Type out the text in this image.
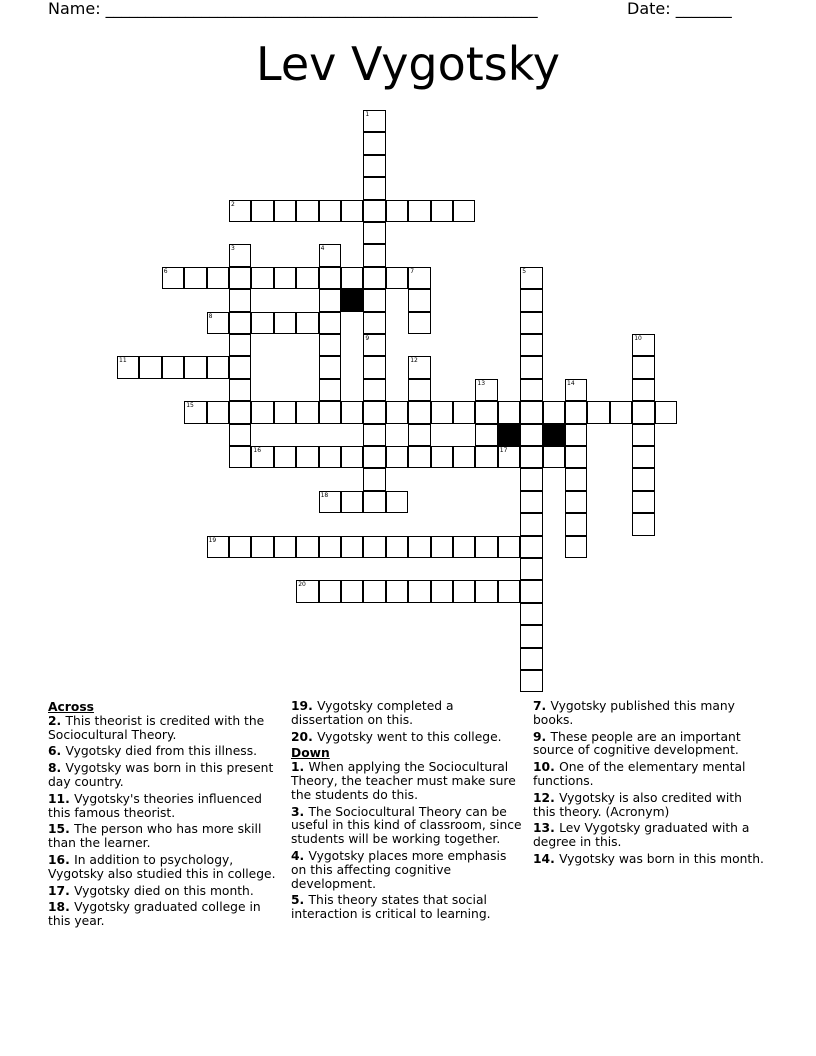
Name: ______________________________________________________	Date: _______
Lev Vygotsky
2
6
8
11
15
16	17
18
19
20
1
3	4
5
7
9	10
12
13	14
Across
2. This theorist is credited with the Sociocultural Theory.
6. Vygotsky died from this illness.
8. Vygotsky was born in this present day country.
11. Vygotsky's theories influenced this famous theorist.
15. The person who has more skill than the learner.
16. In addition to psychology, Vygotsky also studied this in college.
17. Vygotsky died on this month.
18. Vygotsky graduated college in this year.
19. Vygotsky completed a dissertation on this.
20. Vygotsky went to this college.
Down
1. When applying the Sociocultural Theory, the teacher must make sure the students do this.
3. The Sociocultural Theory can be useful in this kind of classroom, since students will be working together.
4. Vygotsky places more emphasis on this affecting cognitive development.
5. This theory states that social interaction is critical to learning.
7. Vygotsky published this many books.
9. These people are an important source of cognitive development.
10. One of the elementary mental functions.
12. Vygotsky is also credited with this theory. (Acronym)
13. Lev Vygotsky graduated with a degree in this.
14. Vygotsky was born in this month.
